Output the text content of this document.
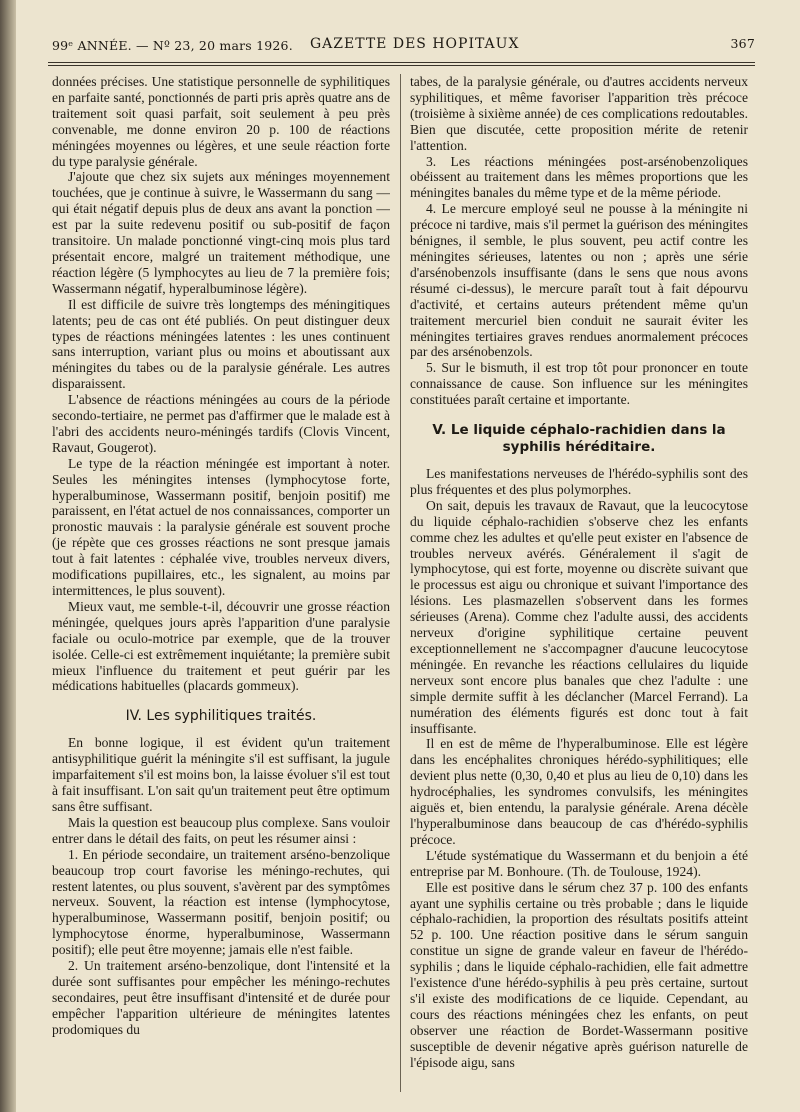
99ᵉ ANNÉE. — Nº 23, 20 mars 1926. GAZETTE DES HOPITAUX	367

données précises. Une statistique personnelle de syphilitiques en parfaite santé, ponctionnés de parti pris après quatre ans de traitement soit quasi parfait, soit seulement à peu près convenable, me donne environ 20 p. 100 de réactions méningées moyennes ou légères, et une seule réaction forte du type paralysie générale.

J'ajoute que chez six sujets aux méninges moyennement touchées, que je continue à suivre, le Wassermann du sang — qui était négatif depuis plus de deux ans avant la ponction — est par la suite redevenu positif ou sub-positif de façon transitoire. Un malade ponctionné vingt-cinq mois plus tard présentait encore, malgré un traitement méthodique, une réaction légère (5 lymphocytes au lieu de 7 la première fois; Wassermann négatif, hyperalbuminose légère).

Il est difficile de suivre très longtemps des méningitiques latents; peu de cas ont été publiés. On peut distinguer deux types de réactions méningées latentes : les unes continuent sans interruption, variant plus ou moins et aboutissant aux méningites du tabes ou de la paralysie générale. Les autres disparaissent.

L'absence de réactions méningées au cours de la période secondo-tertiaire, ne permet pas d'affirmer que le malade est à l'abri des accidents neuro-méningés tardifs (Clovis Vincent, Ravaut, Gougerot).

Le type de la réaction méningée est important à noter. Seules les méningites intenses (lymphocytose forte, hyperalbuminose, Wassermann positif, benjoin positif) me paraissent, en l'état actuel de nos connaissances, comporter un pronostic mauvais : la paralysie générale est souvent proche (je répète que ces grosses réactions ne sont presque jamais tout à fait latentes : céphalée vive, troubles nerveux divers, modifications pupillaires, etc., les signalent, au moins par intermittences, le plus souvent).

Mieux vaut, me semble-t-il, découvrir une grosse réaction méningée, quelques jours après l'apparition d'une paralysie faciale ou oculo-motrice par exemple, que de la trouver isolée. Celle-ci est extrêmement inquiétante; la première subit mieux l'influence du traitement et peut guérir par les médications habituelles (placards gommeux).

IV. Les syphilitiques traités.

En bonne logique, il est évident qu'un traitement antisyphilitique guérit la méningite s'il est suffisant, la jugule imparfaitement s'il est moins bon, la laisse évoluer s'il est tout à fait insuffisant. L'on sait qu'un traitement peut être optimum sans être suffisant.

Mais la question est beaucoup plus complexe. Sans vouloir entrer dans le détail des faits, on peut les résumer ainsi :

1. En période secondaire, un traitement arséno-benzolique beaucoup trop court favorise les méningo-rechutes, qui restent latentes, ou plus souvent, s'avèrent par des symptômes nerveux. Souvent, la réaction est intense (lymphocytose, hyperalbuminose, Wassermann positif, benjoin positif; ou lymphocytose énorme, hyperalbuminose, Wassermann positif); elle peut être moyenne; jamais elle n'est faible.

2. Un traitement arséno-benzolique, dont l'intensité et la durée sont suffisantes pour empêcher les méningo-rechutes secondaires, peut être insuffisant d'intensité et de durée pour empêcher l'apparition ultérieure de méningites latentes prodomiques du

tabes, de la paralysie générale, ou d'autres accidents nerveux syphilitiques, et même favoriser l'apparition très précoce (troisième à sixième année) de ces complications redoutables. Bien que discutée, cette proposition mérite de retenir l'attention.

3. Les réactions méningées post-arsénobenzoliques obéissent au traitement dans les mêmes proportions que les méningites banales du même type et de la même période.

4. Le mercure employé seul ne pousse à la méningite ni précoce ni tardive, mais s'il permet la guérison des méningites bénignes, il semble, le plus souvent, peu actif contre les méningites sérieuses, latentes ou non ; après une série d'arsénobenzols insuffisante (dans le sens que nous avons résumé ci-dessus), le mercure paraît tout à fait dépourvu d'activité, et certains auteurs prétendent même qu'un traitement mercuriel bien conduit ne saurait éviter les méningites tertiaires graves rendues anormalement précoces par des arsénobenzols.

5. Sur le bismuth, il est trop tôt pour prononcer en toute connaissance de cause. Son influence sur les méningites constituées paraît certaine et importante.

V. Le liquide céphalo-rachidien dans la syphilis héréditaire.

Les manifestations nerveuses de l'hérédo-syphilis sont des plus fréquentes et des plus polymorphes.

On sait, depuis les travaux de Ravaut, que la leucocytose du liquide céphalo-rachidien s'observe chez les enfants comme chez les adultes et qu'elle peut exister en l'absence de troubles nerveux avérés. Généralement il s'agit de lymphocytose, qui est forte, moyenne ou discrète suivant que le processus est aigu ou chronique et suivant l'importance des lésions. Les plasmazellen s'observent dans les formes sérieuses (Arena). Comme chez l'adulte aussi, des accidents nerveux d'origine syphilitique certaine peuvent exceptionnellement ne s'accompagner d'aucune leucocytose méningée. En revanche les réactions cellulaires du liquide nerveux sont encore plus banales que chez l'adulte : une simple dermite suffit à les déclancher (Marcel Ferrand). La numération des éléments figurés est donc tout à fait insuffisante.

Il en est de même de l'hyperalbuminose. Elle est légère dans les encéphalites chroniques hérédo-syphilitiques; elle devient plus nette (0,30, 0,40 et plus au lieu de 0,10) dans les hydrocéphalies, les syndromes convulsifs, les méningites aiguës et, bien entendu, la paralysie générale. Arena décèle l'hyperalbuminose dans beaucoup de cas d'hérédo-syphilis précoce.

L'étude systématique du Wassermann et du benjoin a été entreprise par M. Bonhoure. (Th. de Toulouse, 1924).

Elle est positive dans le sérum chez 37 p. 100 des enfants ayant une syphilis certaine ou très probable ; dans le liquide céphalo-rachidien, la proportion des résultats positifs atteint 52 p. 100. Une réaction positive dans le sérum sanguin constitue un signe de grande valeur en faveur de l'hérédo-syphilis ; dans le liquide céphalo-rachidien, elle fait admettre l'existence d'une hérédo-syphilis à peu près certaine, surtout s'il existe des modifications de ce liquide. Cependant, au cours des réactions méningées chez les enfants, on peut observer une réaction de Bordet-Wassermann positive susceptible de devenir négative après guérison naturelle de l'épisode aigu, sans
